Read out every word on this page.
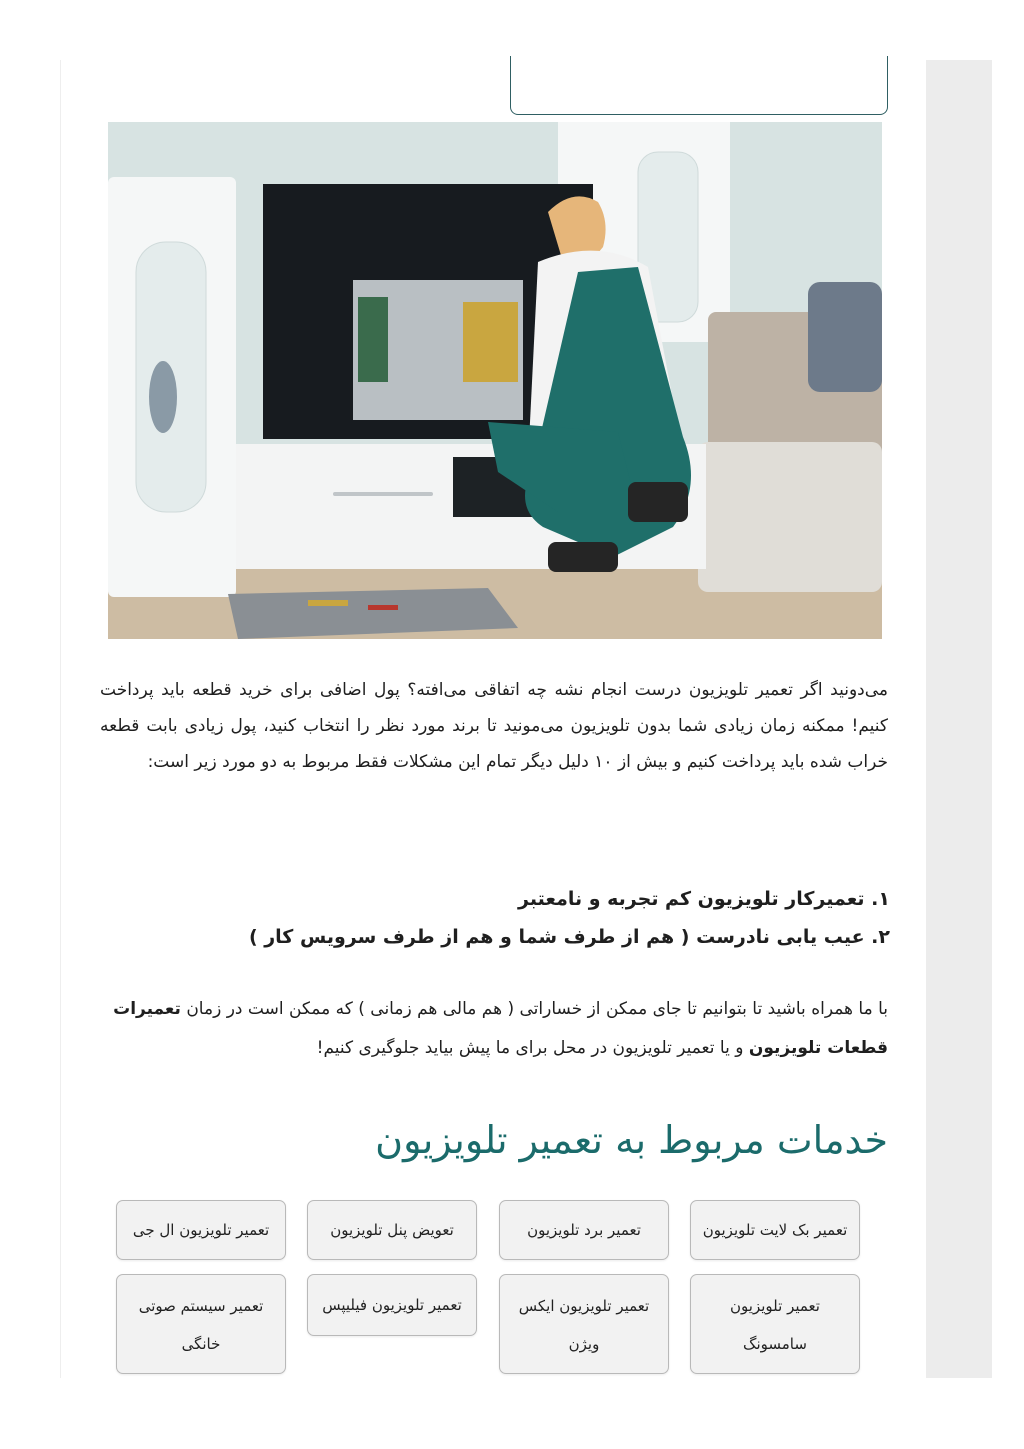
می‌دونید اگر تعمیر تلویزیون درست انجام نشه چه اتفاقی می‌افته؟ پول اضافی برای خرید قطعه باید پرداخت کنیم! ممکنه زمان زیادی شما بدون تلویزیون می‌مونید تا برند مورد نظر را انتخاب کنید، پول زیادی بابت قطعه خراب شده باید پرداخت کنیم و بیش از ۱۰ دلیل دیگر تمام این مشکلات فقط مربوط به دو مورد زیر است:

۱. تعمیرکار تلویزیون کم تجربه و نامعتبر
۲. عیب یابی نادرست ( هم از طرف شما و هم از طرف سرویس کار )

با ما همراه باشید تا بتوانیم تا جای ممکن از خساراتی ( هم مالی هم زمانی ) که ممکن است در زمان تعمیرات قطعات تلویزیون و یا تعمیر تلویزیون در محل برای ما پیش بیاید جلوگیری کنیم!

خدمات مربوط به تعمیر تلویزیون
تعمیر بک لایت تلویزیون
تعمیر برد تلویزیون
تعویض پنل تلویزیون
تعمیر تلویزیون ال جی
تعمیر تلویزیون سامسونگ
تعمیر تلویزیون ایکس ویژن
تعمیر تلویزیون فیلیپس
تعمیر سیستم صوتی خانگی
